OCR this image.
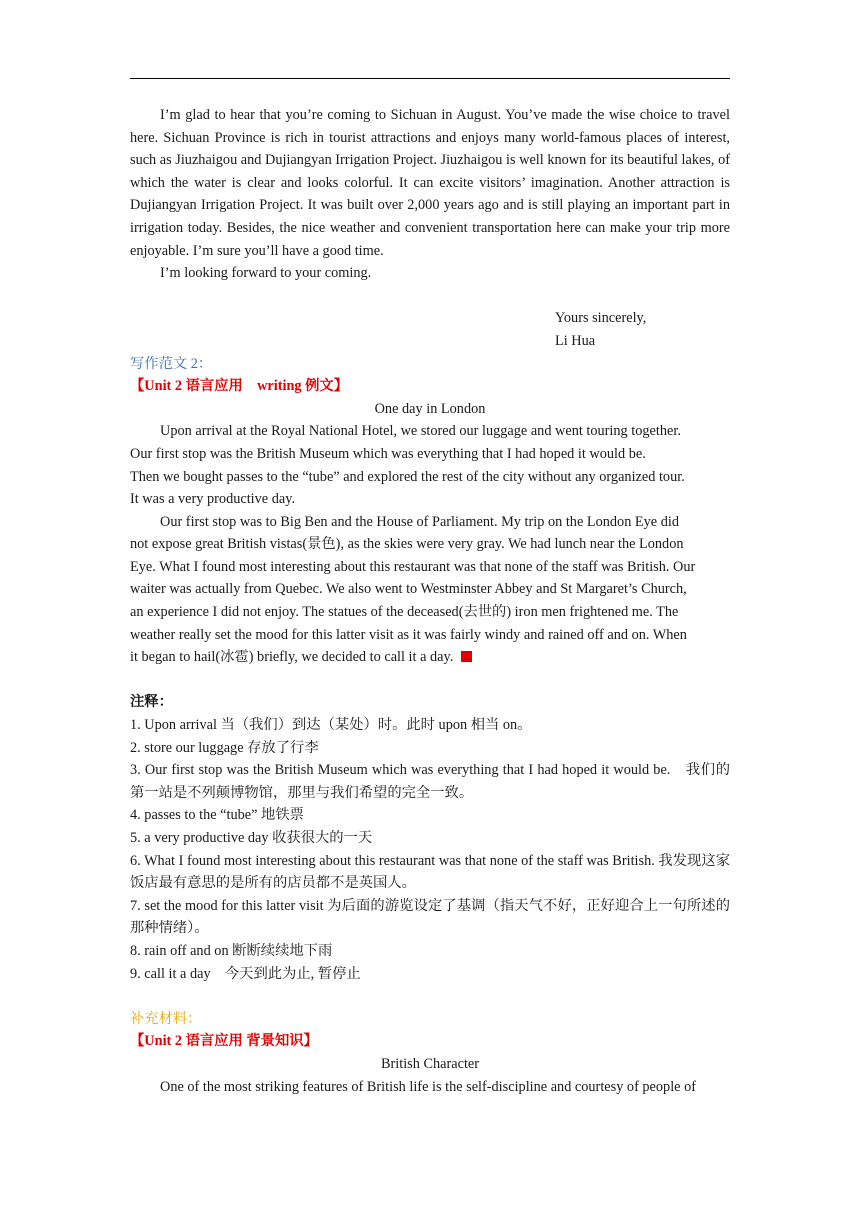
I’m glad to hear that you’re coming to Sichuan in August. You’ve made the wise choice to travel here. Sichuan Province is rich in tourist attractions and enjoys many world-famous places of interest, such as Jiuzhaigou and Dujiangyan Irrigation Project. Jiuzhaigou is well known for its beautiful lakes, of which the water is clear and looks colorful. It can excite visitors’ imagination. Another attraction is Dujiangyan Irrigation Project. It was built over 2,000 years ago and is still playing an important part in irrigation today. Besides, the nice weather and convenient transportation here can make your trip more enjoyable. I’m sure you’ll have a good time.

I’m looking forward to your coming.

Yours sincerely,

Li Hua

写作范文 2：

【Unit 2 语言应用　writing 例文】

One day in London

Upon arrival at the Royal National Hotel, we stored our luggage and went touring together.

Our first stop was the British Museum which was everything that I had hoped it would be.

Then we bought passes to the “tube” and explored the rest of the city without any organized tour.

It was a very productive day.

Our first stop was to Big Ben and the House of Parliament. My trip on the London Eye did

not expose great British vistas(景色), as the skies were very gray. We had lunch near the London

Eye. What I found most interesting about this restaurant was that none of the staff was British. Our

waiter was actually from Quebec. We also went to Westminster Abbey and St Margaret’s Church,

an experience I did not enjoy. The statues of the deceased(去世的) iron men frightened me. The

weather really set the mood for this latter visit as it was fairly windy and rained off and on. When

it began to hail(冰雹) briefly, we decided to call it a day.

注释：

1. Upon arrival 当（我们）到达（某处）时。此时 upon 相当 on。

2. store our luggage 存放了行李

3. Our first stop was the British Museum which was everything that I had hoped it would be.　我们的第一站是不列颠博物馆，那里与我们希望的完全一致。

4. passes to the “tube” 地铁票

5. a very productive day 收获很大的一天

6. What I found most interesting about this restaurant was that none of the staff was British. 我发现这家饭店最有意思的是所有的店员都不是英国人。

7. set the mood for this latter visit 为后面的游览设定了基调（指天气不好，正好迎合上一句所述的那种情绪）。

8. rain off and on 断断续续地下雨

9. call it a day　今天到此为止, 暂停止

补充材料：

【Unit 2 语言应用 背景知识】

British Character

One of the most striking features of British life is the self-discipline and courtesy of people of
